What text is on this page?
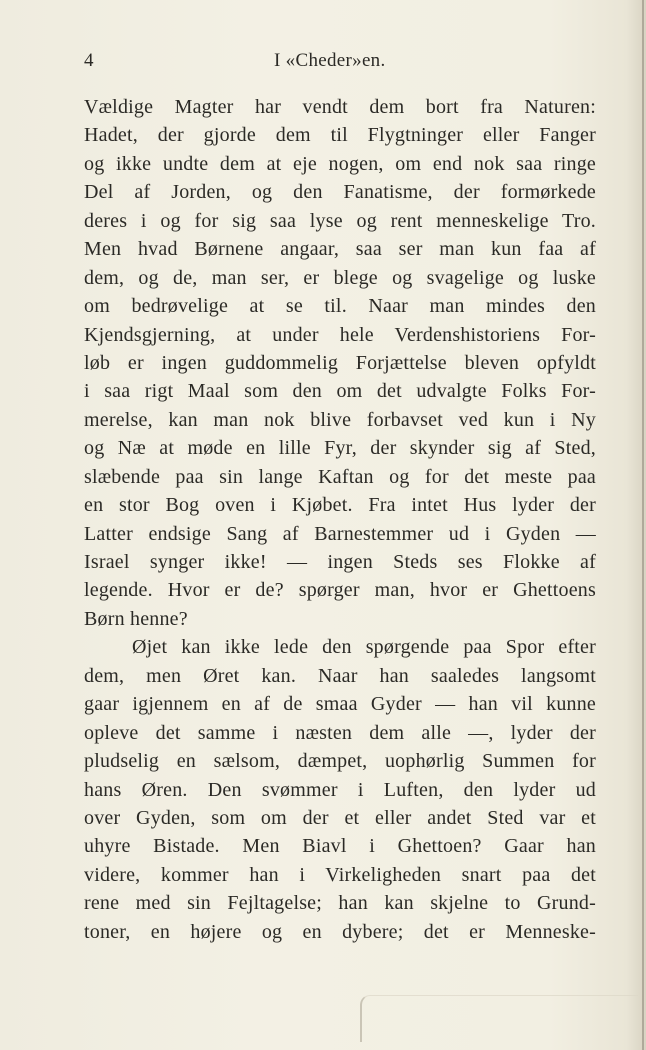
4	I «Cheder»en.
Vældige Magter har vendt dem bort fra Naturen:
Hadet, der gjorde dem til Flygtninger eller Fanger
og ikke undte dem at eje nogen, om end nok saa ringe
Del af Jorden, og den Fanatisme, der formørkede
deres i og for sig saa lyse og rent menneskelige Tro.
Men hvad Børnene angaar, saa ser man kun faa af
dem, og de, man ser, er blege og svagelige og luske
om bedrøvelige at se til. Naar man mindes den
Kjendsgjerning, at under hele Verdenshistoriens For-
løb er ingen guddommelig Forjættelse bleven opfyldt
i saa rigt Maal som den om det udvalgte Folks For-
merelse, kan man nok blive forbavset ved kun i Ny
og Næ at møde en lille Fyr, der skynder sig af Sted,
slæbende paa sin lange Kaftan og for det meste paa
en stor Bog oven i Kjøbet. Fra intet Hus lyder der
Latter endsige Sang af Barnestemmer ud i Gyden —
Israel synger ikke! — ingen Steds ses Flokke af
legende. Hvor er de? spørger man, hvor er Ghettoens
Børn henne?
Øjet kan ikke lede den spørgende paa Spor efter
dem, men Øret kan. Naar han saaledes langsomt
gaar igjennem en af de smaa Gyder — han vil kunne
opleve det samme i næsten dem alle —, lyder der
pludselig en sælsom, dæmpet, uophørlig Summen for
hans Øren. Den svømmer i Luften, den lyder ud
over Gyden, som om der et eller andet Sted var et
uhyre Bistade. Men Biavl i Ghettoen? Gaar han
videre, kommer han i Virkeligheden snart paa det
rene med sin Fejltagelse; han kan skjelne to Grund-
toner, en højere og en dybere; det er Menneske-
